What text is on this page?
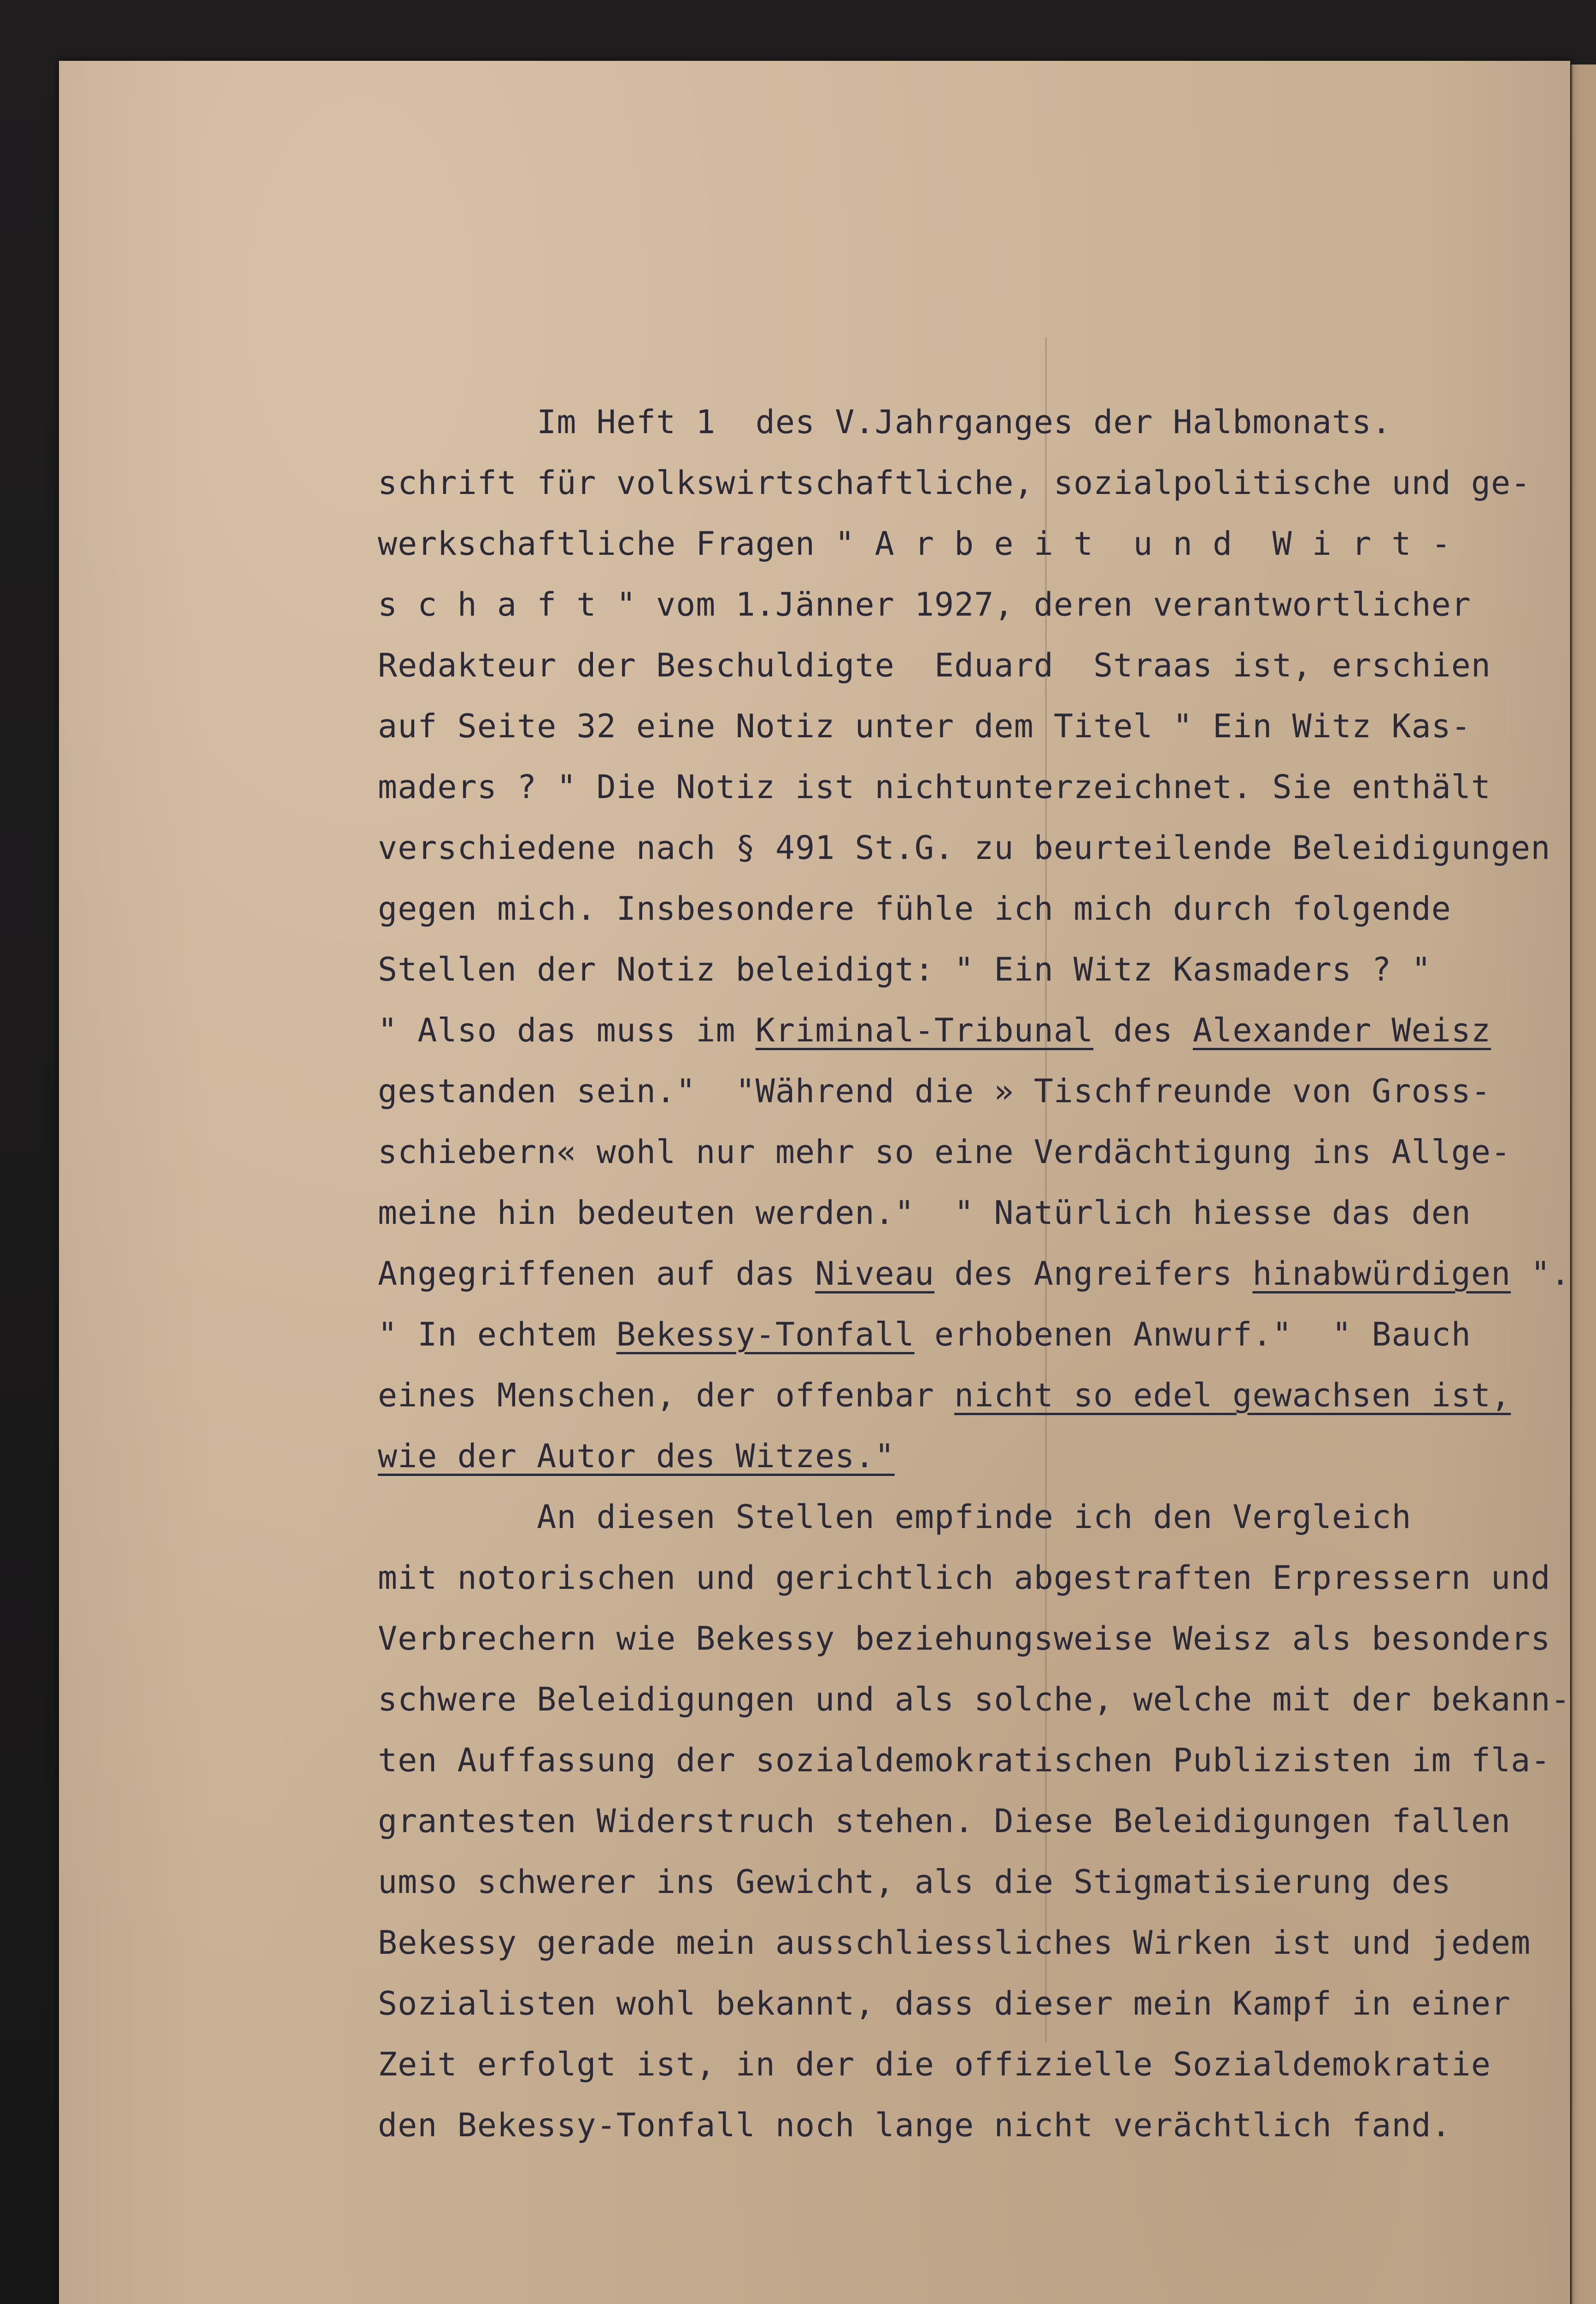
Im Heft 1  des V.Jahrganges der Halbmonats.
schrift für volkswirtschaftliche, sozialpolitische und ge-
werkschaftliche Fragen " A r b e i t  u n d  W i r t -
s c h a f t " vom 1.Jänner 1927, deren verantwortlicher
Redakteur der Beschuldigte  Eduard  Straas ist, erschien
auf Seite 32 eine Notiz unter dem Titel " Ein Witz Kas-
maders ? " Die Notiz ist nichtunterzeichnet. Sie enthält
verschiedene nach § 491 St.G. zu beurteilende Beleidigungen
gegen mich. Insbesondere fühle ich mich durch folgende
Stellen der Notiz beleidigt: " Ein Witz Kasmaders ? "
" Also das muss im Kriminal-Tribunal des Alexander Weisz
gestanden sein."  "Während die » Tischfreunde von Gross-
schiebern« wohl nur mehr so eine Verdächtigung ins Allge-
meine hin bedeuten werden."  " Natürlich hiesse das den
Angegriffenen auf das Niveau des Angreifers hinabwürdigen ".
" In echtem Bekessy-Tonfall erhobenen Anwurf."  " Bauch
eines Menschen, der offenbar nicht so edel gewachsen ist,
wie der Autor des Witzes."
An diesen Stellen empfinde ich den Vergleich
mit notorischen und gerichtlich abgestraften Erpressern und
Verbrechern wie Bekessy beziehungsweise Weisz als besonders
schwere Beleidigungen und als solche, welche mit der bekann-
ten Auffassung der sozialdemokratischen Publizisten im fla-
grantesten Widerstruch stehen. Diese Beleidigungen fallen
umso schwerer ins Gewicht, als die Stigmatisierung des
Bekessy gerade mein ausschliessliches Wirken ist und jedem
Sozialisten wohl bekannt, dass dieser mein Kampf in einer
Zeit erfolgt ist, in der die offizielle Sozialdemokratie
den Bekessy-Tonfall noch lange nicht verächtlich fand.
